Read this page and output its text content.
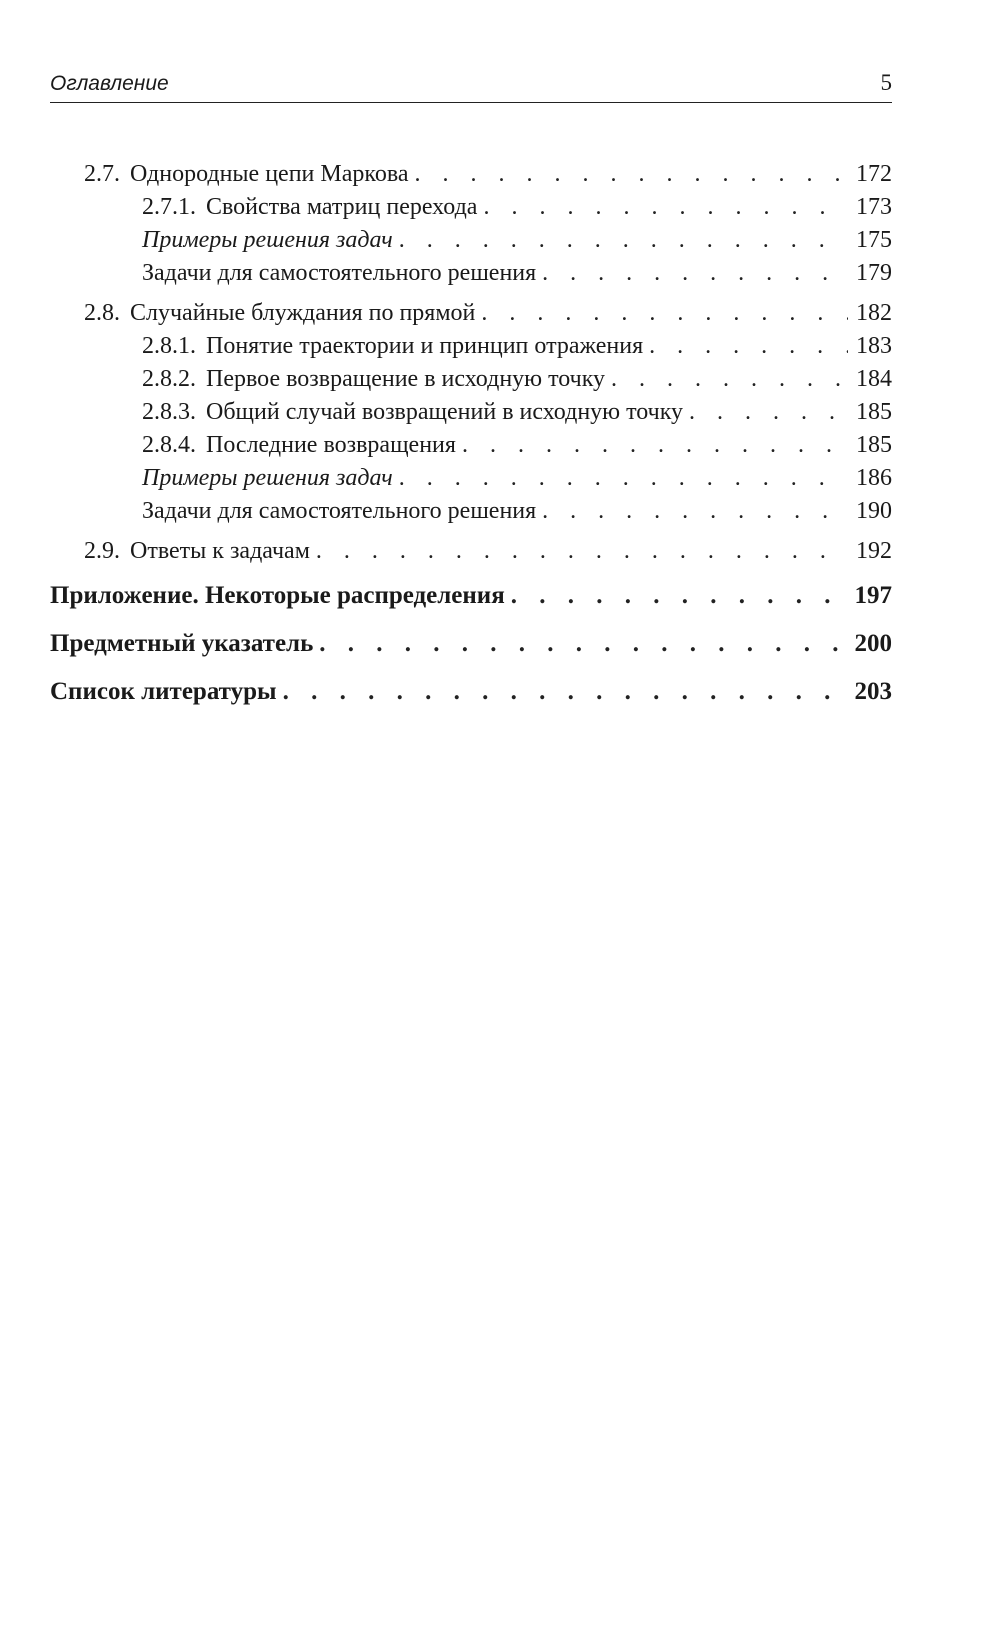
Оглавление	5
2.7. Однородные цепи Маркова . . .	172
2.7.1. Свойства матриц перехода . . .	173
Примеры решения задач . . .	175
Задачи для самостоятельного решения . . .	179
2.8. Случайные блуждания по прямой . . .	182
2.8.1. Понятие траектории и принцип отражения . . .	183
2.8.2. Первое возвращение в исходную точку . . .	184
2.8.3. Общий случай возвращений в исходную точку . . .	185
2.8.4. Последние возвращения . . .	185
Примеры решения задач . . .	186
Задачи для самостоятельного решения . . .	190
2.9. Ответы к задачам . . .	192
Приложение. Некоторые распределения . . .	197
Предметный указатель . . .	200
Список литературы . . .	203
